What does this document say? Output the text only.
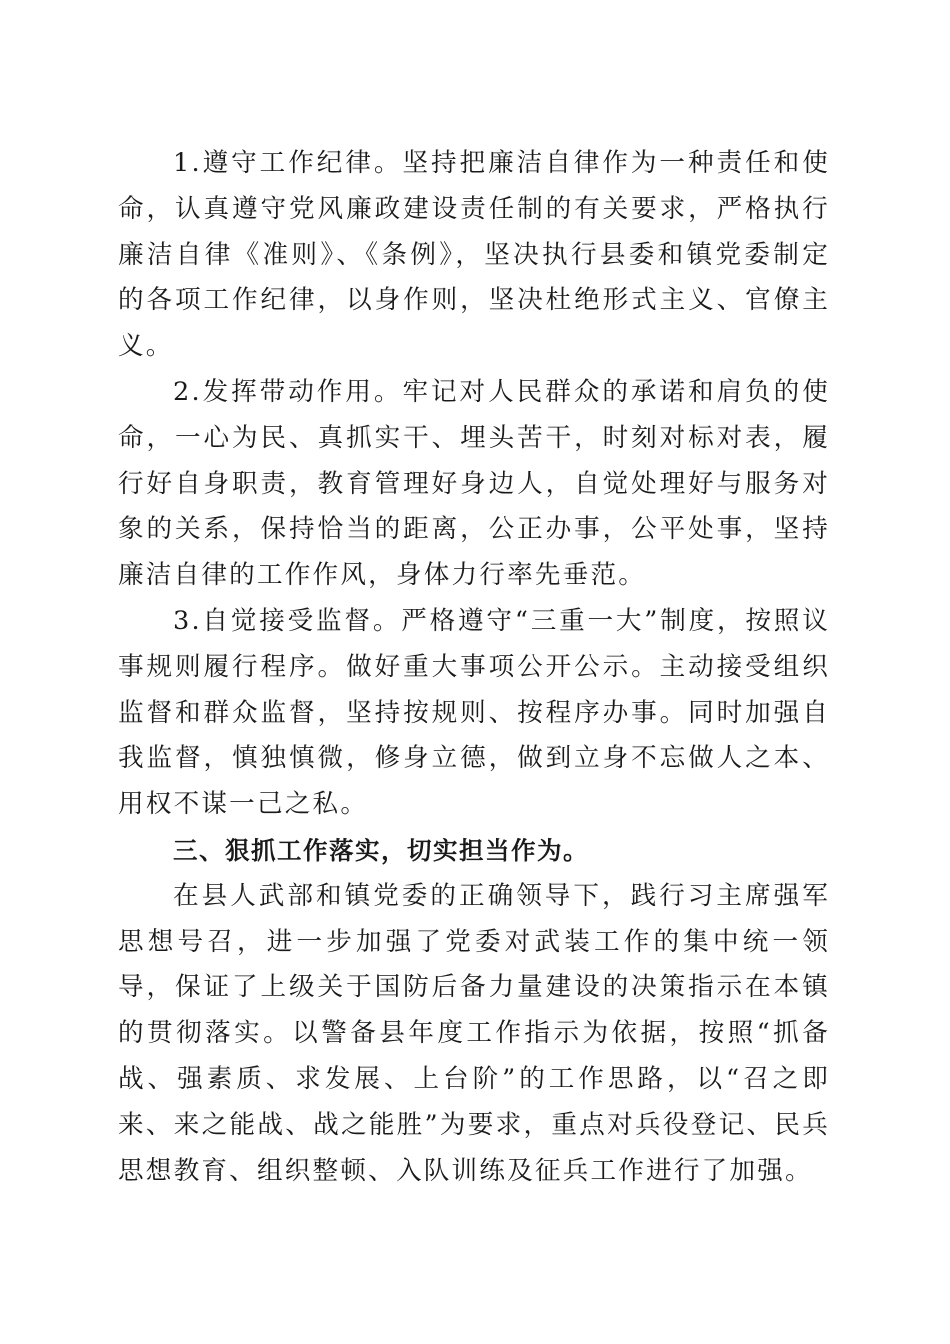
1.遵守工作纪律。坚持把廉洁自律作为一种责任和使命，认真遵守党风廉政建设责任制的有关要求，严格执行廉洁自律《准则》、《条例》，坚决执行县委和镇党委制定的各项工作纪律，以身作则，坚决杜绝形式主义、官僚主义。

2.发挥带动作用。牢记对人民群众的承诺和肩负的使命，一心为民、真抓实干、埋头苦干，时刻对标对表，履行好自身职责，教育管理好身边人，自觉处理好与服务对象的关系，保持恰当的距离，公正办事，公平处事，坚持廉洁自律的工作作风，身体力行率先垂范。

3.自觉接受监督。严格遵守“三重一大”制度，按照议事规则履行程序。做好重大事项公开公示。主动接受组织监督和群众监督，坚持按规则、按程序办事。同时加强自我监督，慎独慎微，修身立德，做到立身不忘做人之本、用权不谋一己之私。

三、狠抓工作落实，切实担当作为。

在县人武部和镇党委的正确领导下，践行习主席强军思想号召，进一步加强了党委对武装工作的集中统一领导，保证了上级关于国防后备力量建设的决策指示在本镇的贯彻落实。以警备县年度工作指示为依据，按照“抓备战、强素质、求发展、上台阶”的工作思路，以“召之即来、来之能战、战之能胜”为要求，重点对兵役登记、民兵思想教育、组织整顿、入队训练及征兵工作进行了加强。
